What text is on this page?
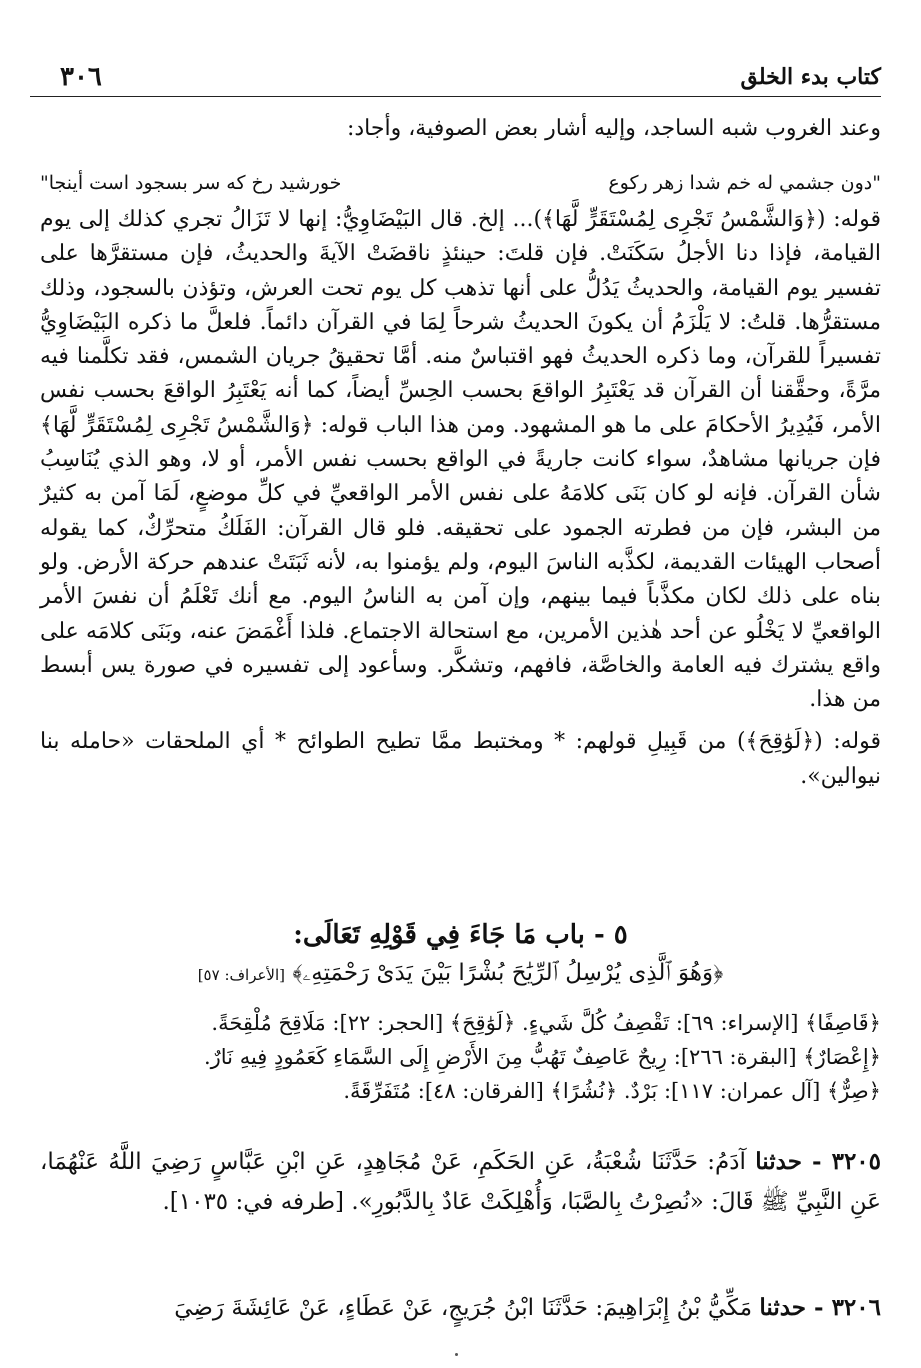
٣٠٦	كتاب بدء الخلق

وعند الغروب شبه الساجد، وإليه أشار بعض الصوفية، وأجاد:

"دون جشمي له خم شدا زهر ركوع
خورشيد رخ كه سر بسجود است أينجا"

قوله: (﴿وَالشَّمْسُ تَجْرِى لِمُسْتَقَرٍّ لَّهَا﴾)... إلخ. قال البَيْضَاوِيُّ: إنها لا تَزَالُ تجري كذلك إلى يوم القيامة، فإذا دنا الأجلُ سَكَنَتْ. فإن قلتَ: حينئذٍ ناقضَتْ الآيةَ والحديثُ، فإن مستقرَّها على تفسير يوم القيامة، والحديثُ يَدُلُّ على أنها تذهب كل يوم تحت العرش، وتؤذن بالسجود، وذلك مستقرُّها. قلتُ: لا يَلْزَمُ أن يكونَ الحديثُ شرحاً لِمَا في القرآن دائماً. فلعلَّ ما ذكره البَيْضَاوِيُّ تفسيراً للقرآن، وما ذكره الحديثُ فهو اقتباسٌ منه. أمَّا تحقيقُ جريان الشمس، فقد تكلَّمنا فيه مرَّةً، وحقَّقنا أن القرآن قد يَعْتَبِرُ الواقعَ بحسب الحِسِّ أيضاً، كما أنه يَعْتَبِرُ الواقعَ بحسب نفس الأمر، فَيُدِيرُ الأحكامَ على ما هو المشهود. ومن هذا الباب قوله: ﴿وَالشَّمْسُ تَجْرِى لِمُسْتَقَرٍّ لَّهَا﴾ فإن جريانها مشاهدٌ، سواء كانت جاريةً في الواقع بحسب نفس الأمر، أو لا، وهو الذي يُنَاسِبُ شأن القرآن. فإنه لو كان بَنَى كلامَهُ على نفس الأمر الواقعيِّ في كلِّ موضعٍ، لَمَا آمن به كثيرٌ من البشر، فإن من فطرته الجمود على تحقيقه. فلو قال القرآن: الفَلَكُ متحرِّكٌ، كما يقوله أصحاب الهيئات القديمة، لكذَّبه الناسَ اليوم، ولم يؤمنوا به، لأنه ثَبَتَتْ عندهم حركة الأرض. ولو بناه على ذلك لكان مكذَّباً فيما بينهم، وإن آمن به الناسُ اليوم. مع أنك تَعْلَمُ أن نفسَ الأمر الواقعيِّ لا يَخْلُو عن أحد هٰذين الأمرين، مع استحالة الاجتماع. فلذا أَغْمَضَ عنه، وبَنَى كلامَه على واقع يشترك فيه العامة والخاصَّة، فافهم، وتشكَّر. وسأعود إلى تفسيره في صورة يس أبسط من هذا.

قوله: (﴿لَوَٰقِحَ﴾) من قَبِيلِ قولهم: * ومختبط ممَّا تطيح الطوائح * أي الملحقات «حامله بنا نيوالين».

٥ - باب مَا جَاءَ فِي قَوْلِهِ تَعَالَى:
﴿وَهُوَ ٱلَّذِى يُرْسِلُ ٱلرِّيَٰحَ بُشْرًا بَيْنَ يَدَىْ رَحْمَتِهِۦ﴾ [الأعراف: ٥٧]

﴿قَاصِفًا﴾ [الإسراء: ٦٩]: تَقْصِفُ كُلَّ شَيءٍ. ﴿لَوَٰقِحَ﴾ [الحجر: ٢٢]: مَلَاقِحَ مُلْقِحَةً.

﴿إِعْصَارٌ﴾ [البقرة: ٢٦٦]: رِيحٌ عَاصِفٌ تَهُبُّ مِنَ الأَرْضِ إِلَى السَّمَاءِ كَعَمُودٍ فِيهِ نَارٌ.

﴿صِرٌّ﴾ [آل عمران: ١١٧]: بَرْدٌ. ﴿نُشُرًا﴾ [الفرقان: ٤٨]: مُتَفَرِّقَةً.

٣٢٠٥ - حدثنا آدَمُ: حَدَّثَنَا شُعْبَةُ، عَنِ الحَكَمِ، عَنْ مُجَاهِدٍ، عَنِ ابْنِ عَبَّاسٍ رَضِيَ اللَّهُ عَنْهُمَا، عَنِ النَّبِيِّ ﷺ قَالَ: «نُصِرْتُ بِالصَّبَا، وَأُهْلِكَتْ عَادٌ بِالدَّبُورِ». [طرفه في: ١٠٣٥].

٣٢٠٦ - حدثنا مَكِّيُّ بْنُ إِبْرَاهِيمَ: حَدَّثَنَا ابْنُ جُرَيجٍ، عَنْ عَطَاءٍ، عَنْ عَائِشَةَ رَضِيَ
